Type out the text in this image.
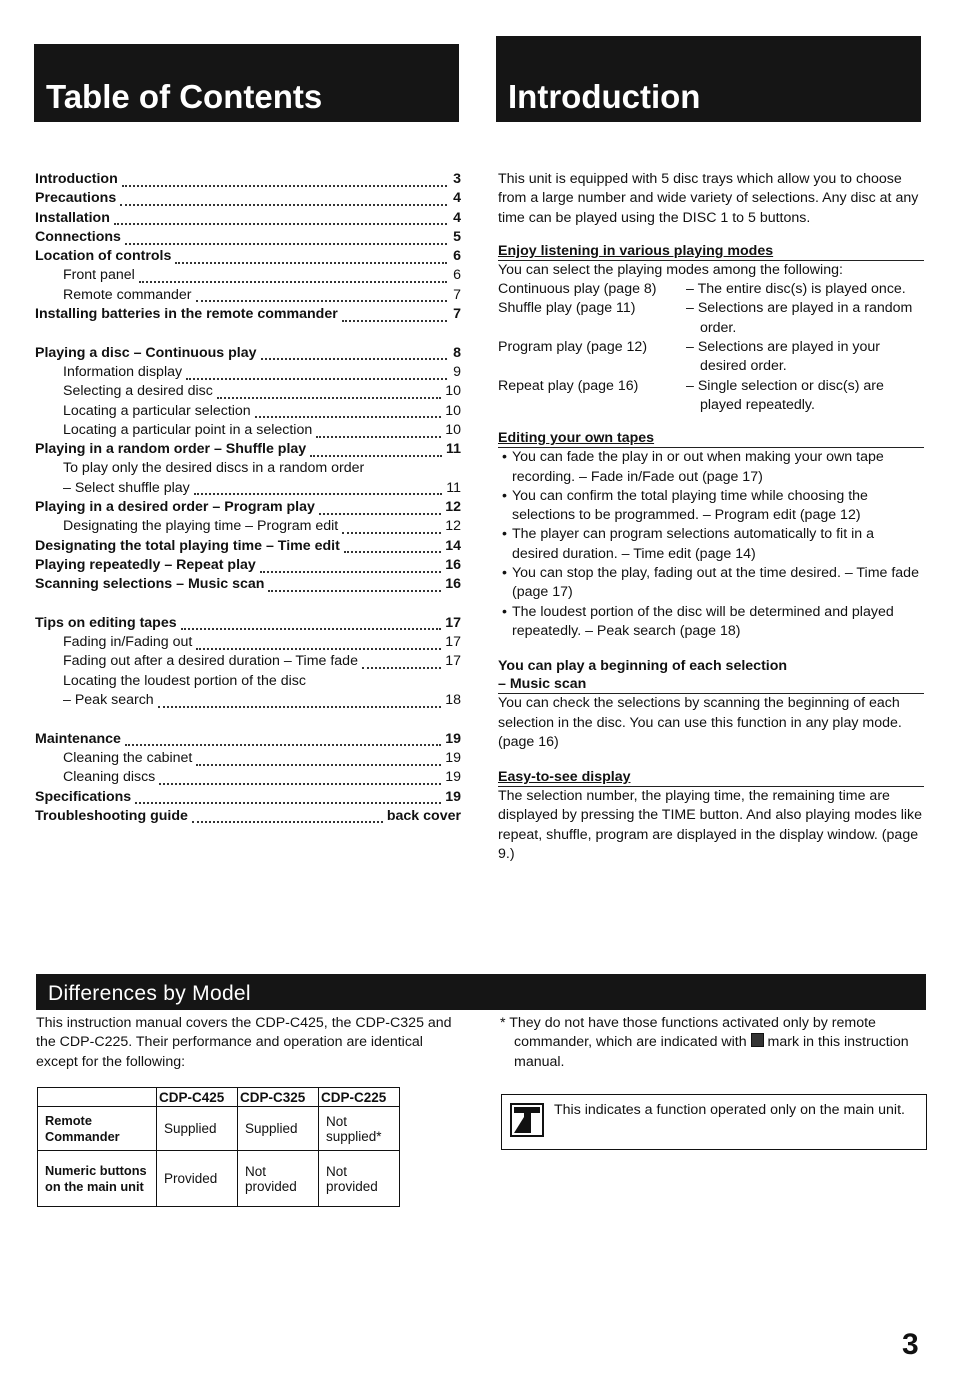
Table of Contents	Introduction
Differences by Model
Introduction	3
Precautions	4
Installation	4
Connections	5
Location of controls	6
Front panel	6
Remote commander	7
Installing batteries in the remote commander	7
Playing a disc – Continuous play	8
Information display	9
Selecting a desired disc	10
Locating a particular selection	10
Locating a particular point in a selection	10
Playing in a random order – Shuffle play	11
To play only the desired discs in a random order
– Select shuffle play	11
Playing in a desired order – Program play	12
Designating the playing time – Program edit	12
Designating the total playing time – Time edit	14
Playing repeatedly – Repeat play	16
Scanning selections – Music scan	16
Tips on editing tapes	17
Fading in/Fading out	17
Fading out after a desired duration – Time fade	17
Locating the loudest portion of the disc
– Peak search	18
Maintenance	19
Cleaning the cabinet	19
Cleaning discs	19
Specifications	19
Troubleshooting guide	back cover

This unit is equipped with 5 disc trays which allow you to choose from a large number and wide variety of selections. Any disc at any time can be played using the DISC 1 to 5 buttons.

Enjoy listening in various playing modes

You can select the playing modes among the following:

Continuous play (page 8)	– The entire disc(s) is played once.
Shuffle play (page 11)	– Selections are played in a random order.
Program play (page 12)	– Selections are played in your desired order.
Repeat play (page 16)	– Single selection or disc(s) are played repeatedly.
Editing your own tapes
• You can fade the play in or out when making your own tape recording. – Fade in/Fade out (page 17)
• You can confirm the total playing time while choosing the selections to be programmed. – Program edit (page 12)
• The player can program selections automatically to fit in a desired duration. – Time edit (page 14)
• You can stop the play, fading out at the time desired. – Time fade (page 17)
• The loudest portion of the disc will be determined and played repeatedly. – Peak search (page 18)
You can play a beginning of each selection
– Music scan

You can check the selections by scanning the beginning of each selection in the disc. You can use this function in any play mode. (page 16)

Easy-to-see display

The selection number, the playing time, the remaining time are displayed by pressing the TIME button. And also playing modes like repeat, shuffle, program are displayed in the display window. (page 9.)

This instruction manual covers the CDP-C425, the CDP-C325 and the CDP-C225. Their performance and operation are identical except for the following:

	CDP-C425	CDP-C325	CDP-C225
Remote Commander	Supplied	Supplied	Not supplied*
Numeric buttons on the main unit	Provided	Not provided	Not provided

* They do not have those functions activated only by remote commander, which are indicated with mark in this instruction manual.

This indicates a function operated only on the main unit.
3
